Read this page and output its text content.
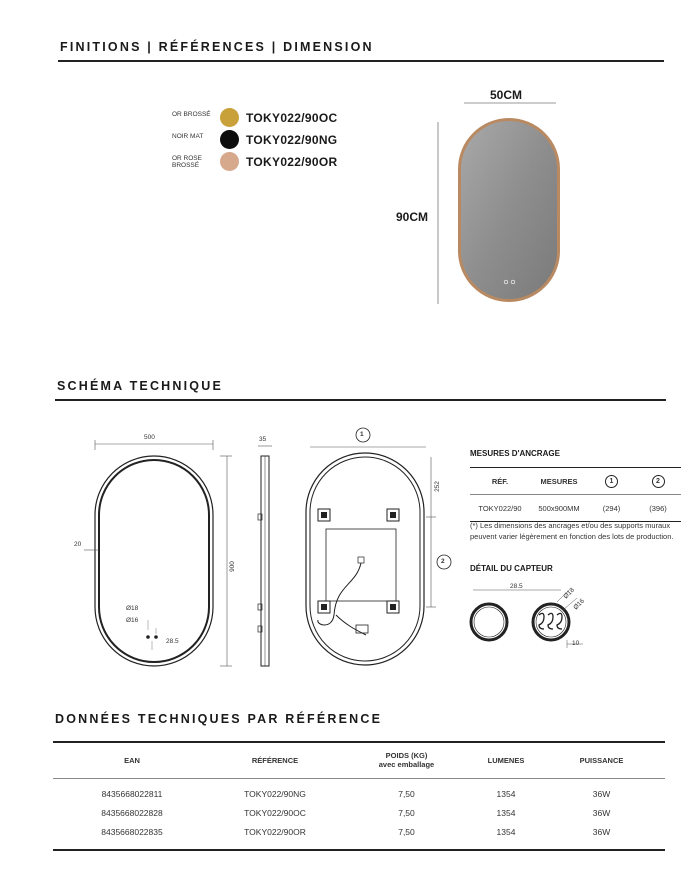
FINITIONS | RÉFÉRENCES | DIMENSION
OR BROSSÉ	TOKY022/90OC
NOIR MAT	TOKY022/90NG
OR ROSE BROSSÉ	TOKY022/90OR
50CM
90CM
SCHÉMA TECHNIQUE
500
900
20
Ø18
Ø16
28.5
35
1
2
252
MESURES D'ANCRAGE
RÉF.	MESURES	1	2
TOKY022/90	500x900MM	(294)	(396)
(*) Les dimensions des ancrages et/ou des supports muraux peuvent varier légèrement en fonction des lots de production.
DÉTAIL DU CAPTEUR
28.5
Ø18
Ø16
10
DONNÉES TECHNIQUES PAR RÉFÉRENCE
EAN	RÉFÉRENCE	POIDS (KG)
avec emballage	LUMENES	PUISSANCE
8435668022811	TOKY022/90NG	7,50	1354	36W
8435668022828	TOKY022/90OC	7,50	1354	36W
8435668022835	TOKY022/90OR	7,50	1354	36W
